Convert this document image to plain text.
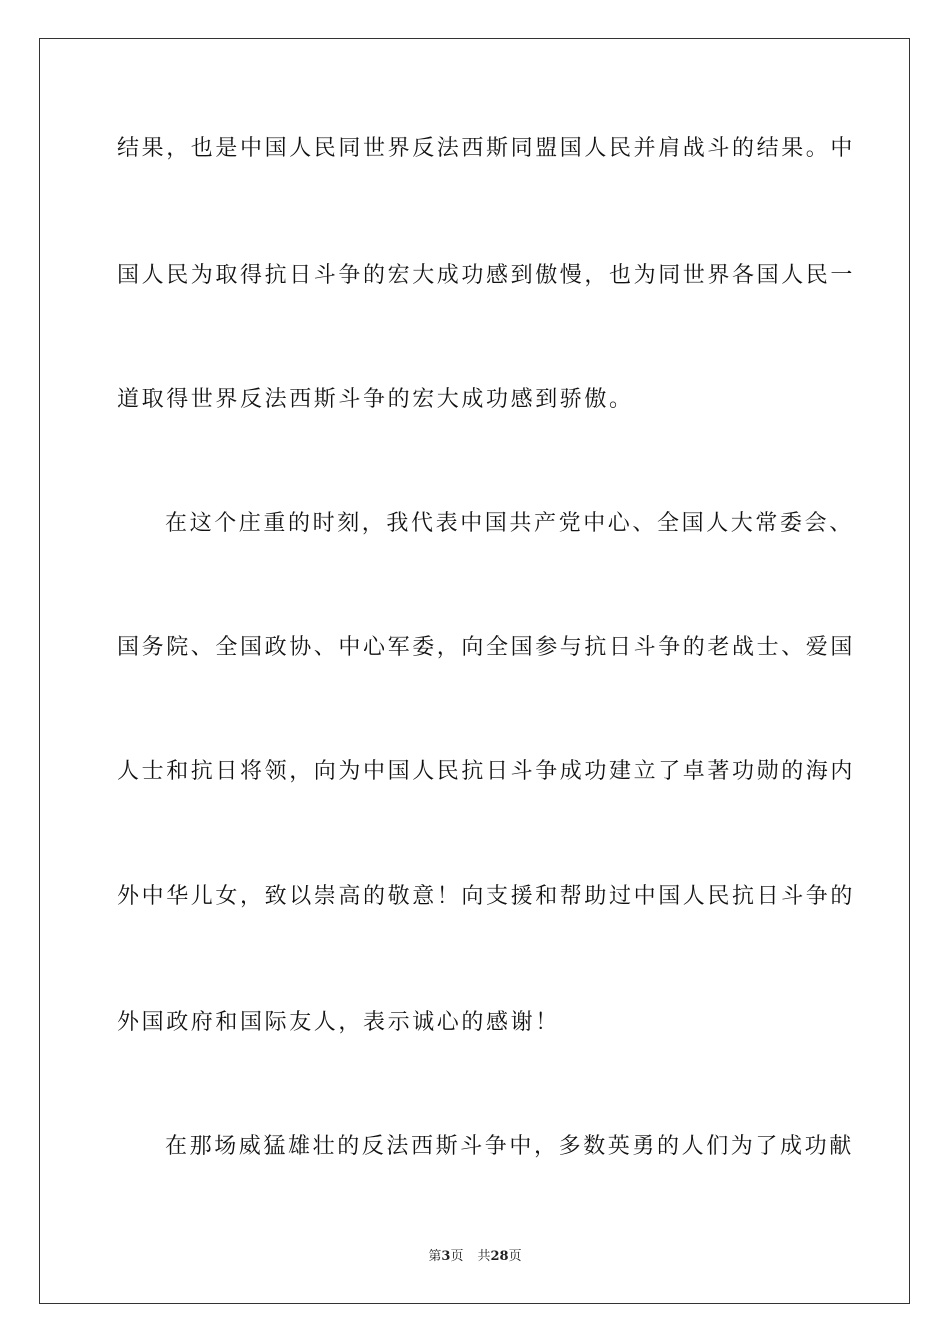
结果，也是中国人民同世界反法西斯同盟国人民并肩战斗的结果。中
国人民为取得抗日斗争的宏大成功感到傲慢，也为同世界各国人民一
道取得世界反法西斯斗争的宏大成功感到骄傲。
在这个庄重的时刻，我代表中国共产党中心、全国人大常委会、
国务院、全国政协、中心军委，向全国参与抗日斗争的老战士、爱国
人士和抗日将领，向为中国人民抗日斗争成功建立了卓著功勋的海内
外中华儿女，致以崇高的敬意！向支援和帮助过中国人民抗日斗争的
外国政府和国际友人，表示诚心的感谢！
在那场威猛雄壮的反法西斯斗争中，多数英勇的人们为了成功献
第3页 共28页
